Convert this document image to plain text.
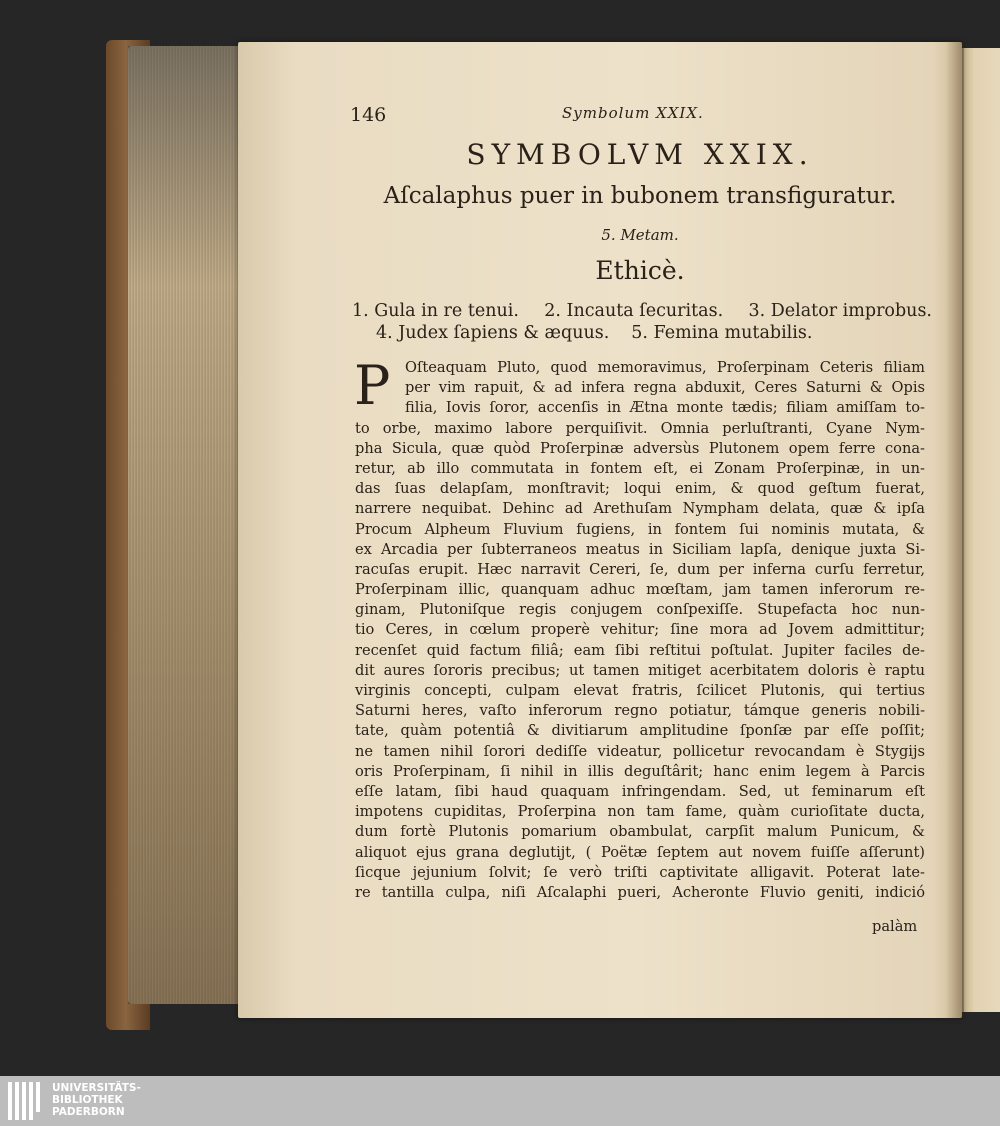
146	Symbolum XXIX.
SYMBOLVM XXIX.
Aſcalaphus puer in bubonem transfiguratur.
5. Metam.
Ethicè.
1. Gula in re tenui. 2. Incauta ſecuritas. 3. Delator improbus.
4. Judex ſapiens & æquus. 5. Femina mutabilis.
P	Oſteaquam Pluto, quod memoravimus, Proſerpinam Ceteris filiam
per vim rapuit, & ad infera regna abduxit, Ceres Saturni & Opis
filia, Iovis ſoror, accenſis in Ætna monte tædis; filiam amiſſam to-
to orbe, maximo labore perquiſivit. Omnia perluſtranti, Cyane Nym-
pha Sicula, quæ quòd Proſerpinæ adversùs Plutonem opem ferre cona-
retur, ab illo commutata in fontem eſt, ei Zonam Proſerpinæ, in un-
das ſuas delapſam, monſtravit; loqui enim, & quod geſtum fuerat,
narrere nequibat. Dehinc ad Arethuſam Nympham delata, quæ & ipſa
Procum Alpheum Fluvium fugiens, in fontem ſui nominis mutata, &
ex Arcadia per ſubterraneos meatus in Siciliam lapſa, denique juxta Si-
racuſas erupit. Hæc narravit Cereri, ſe, dum per inferna curſu ferretur,
Proſerpinam illic, quanquam adhuc mœſtam, jam tamen inferorum re-
ginam, Plutoniſque regis conjugem conſpexiſſe. Stupefacta hoc nun-
tio Ceres, in cœlum properè vehitur; ſine mora ad Jovem admittitur;
recenſet quid factum filiâ; eam ſibi reſtitui poſtulat. Jupiter faciles de-
dit aures ſororis precibus; ut tamen mitiget acerbitatem doloris è raptu
virginis concepti, culpam elevat fratris, ſcilicet Plutonis, qui tertius
Saturni heres, vaſto inferorum regno potiatur, támque generis nobili-
tate, quàm potentiâ & divitiarum amplitudine ſponſæ par eſſe poſſit;
ne tamen nihil ſorori dediſſe videatur, pollicetur revocandam è Stygijs
oris Proſerpinam, ſi nihil in illis deguſtârit; hanc enim legem à Parcis
eſſe latam, ſibi haud quaquam infringendam. Sed, ut feminarum eſt
impotens cupiditas, Proſerpina non tam fame, quàm curioſitate ducta,
dum fortè Plutonis pomarium obambulat, carpſit malum Punicum, &
aliquot ejus grana deglutijt, ( Poëtæ ſeptem aut novem fuiſſe aſſerunt)
ſicque jejunium ſolvit; ſe verò triſti captivitate alligavit. Poterat late-
re tantilla culpa, niſi Aſcalaphi pueri, Acheronte Fluvio geniti, indició
palàm
UNIVERSITÄTS-
BIBLIOTHEK
PADERBORN
